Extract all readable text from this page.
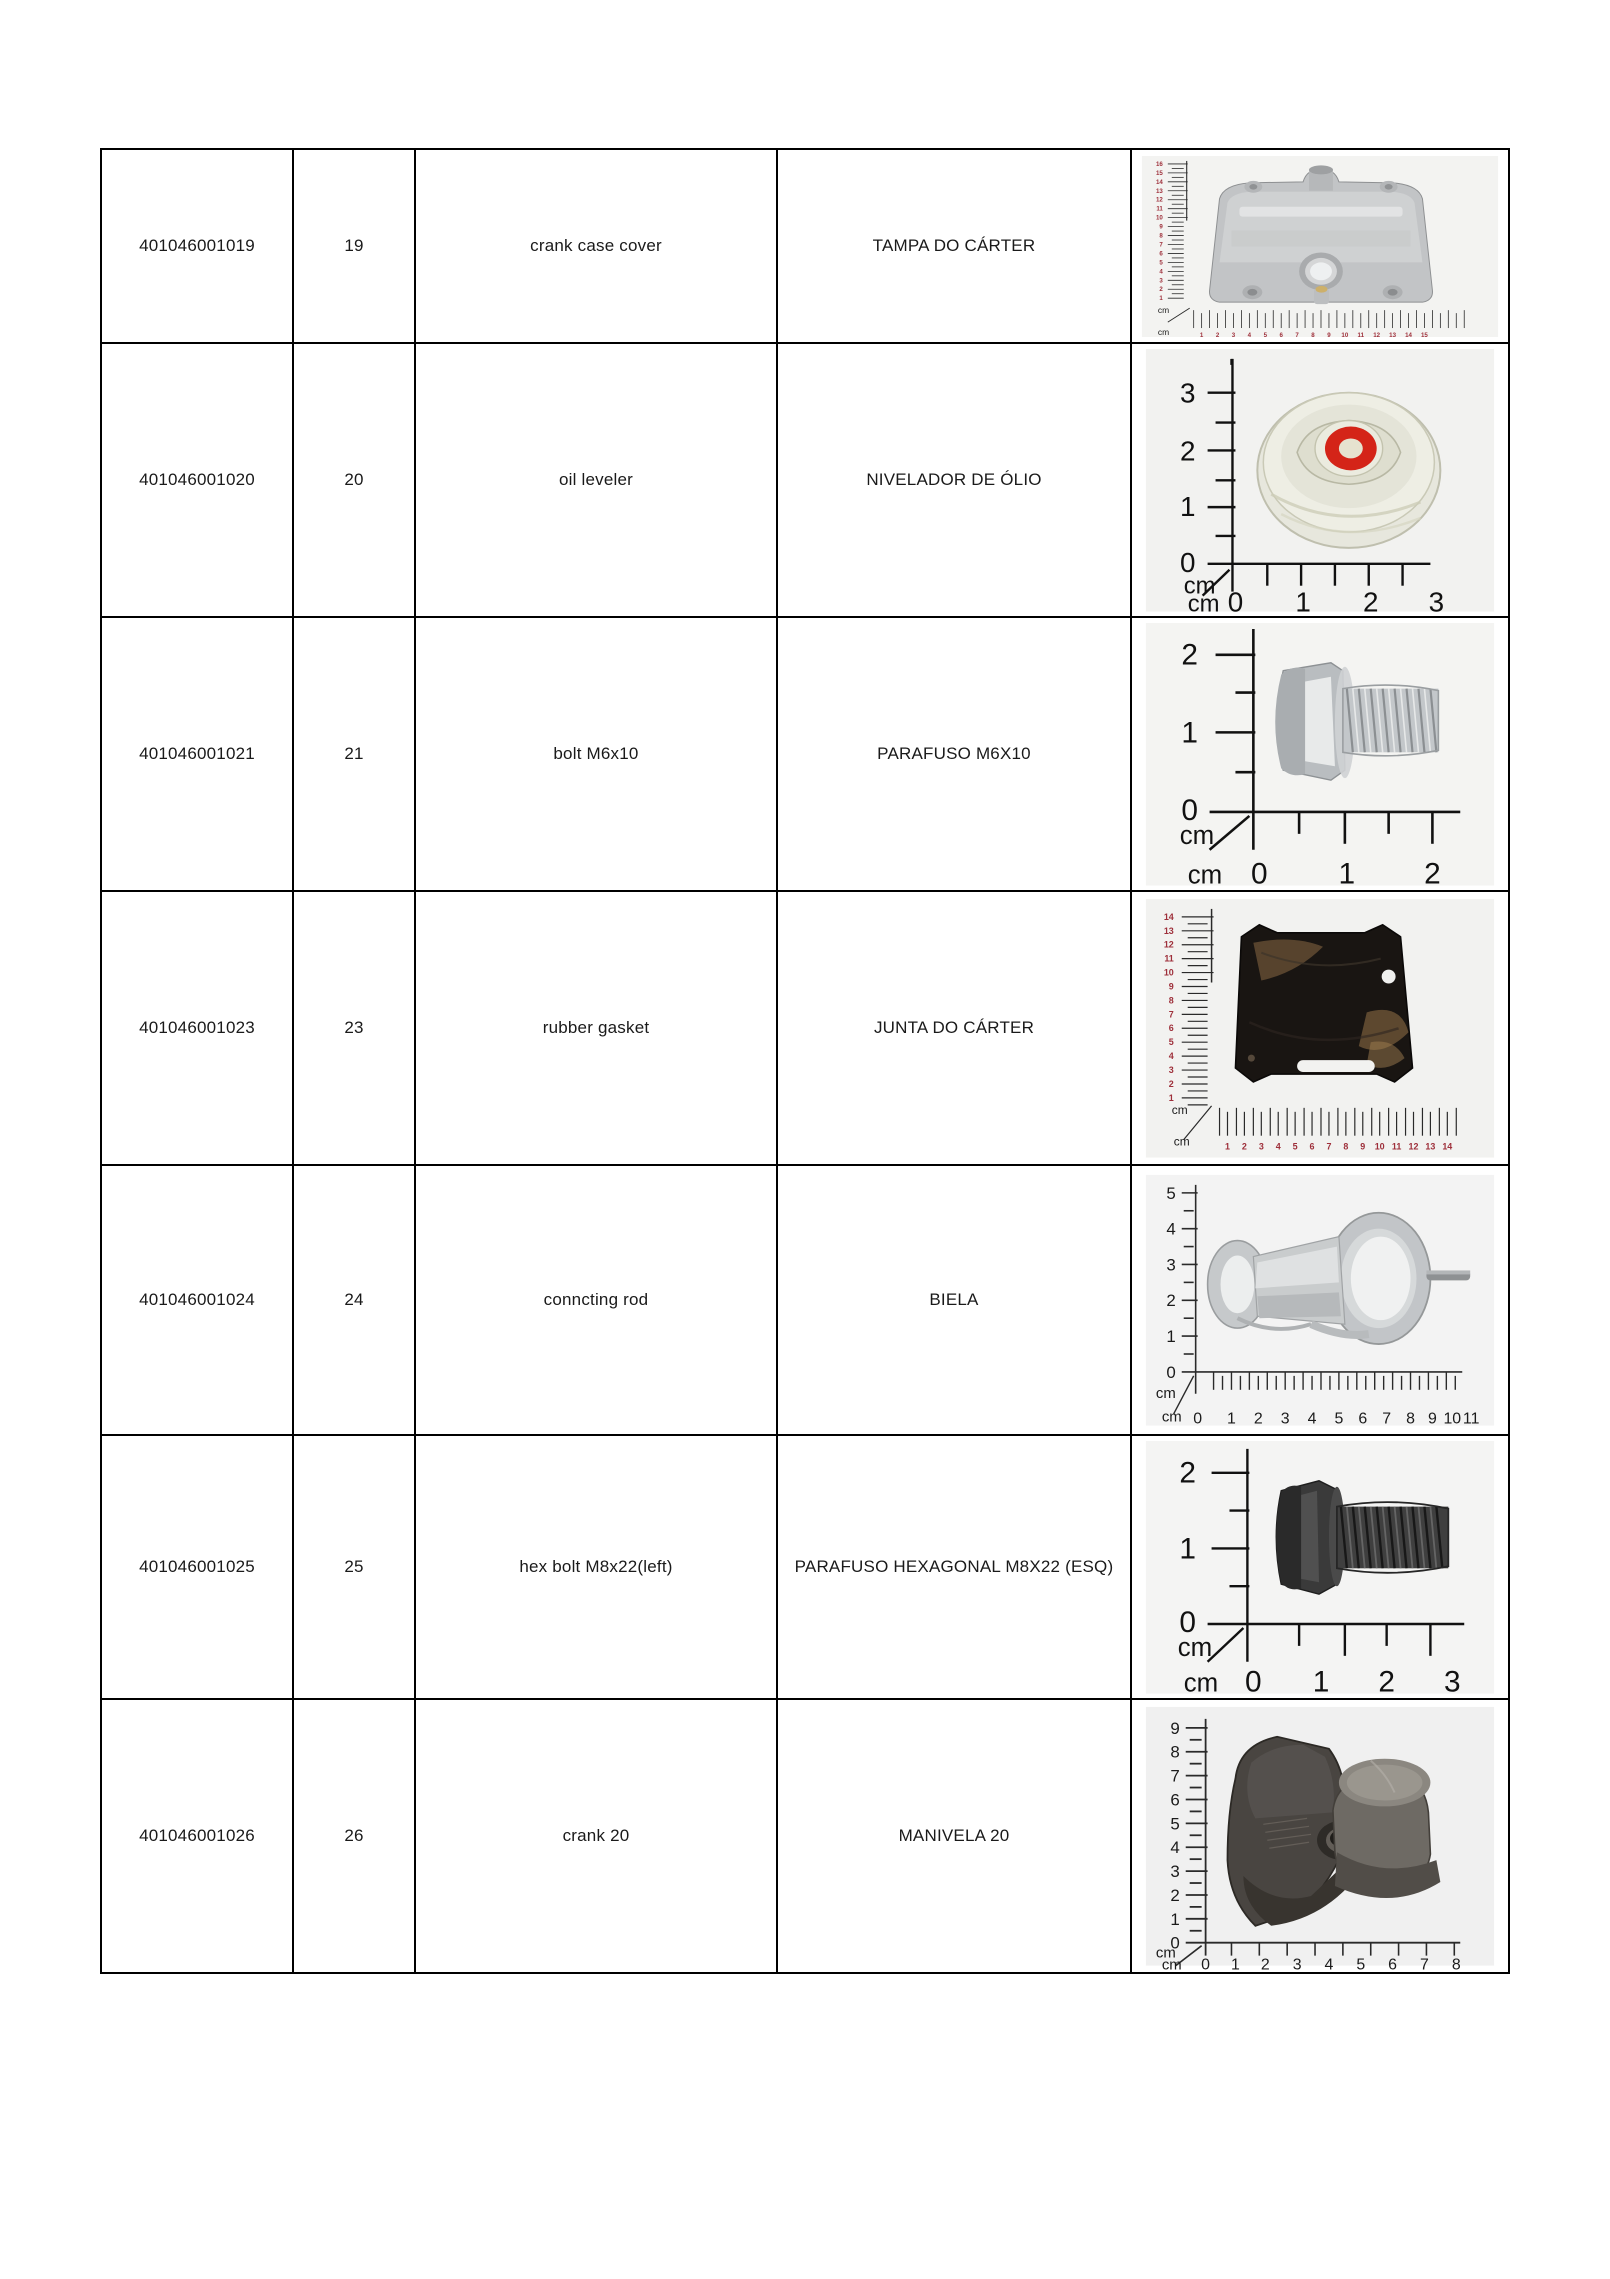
401046001019	19	crank case cover	TAMPA DO CÁRTER

16
15
14
13
12
11
10
9
8
7
6
5
4
3
2
1
cm
cm	1 2 3 4 5 6 7 8 9 10 11 12 13 14 15

401046001020	20	oil leveler	NIVELADOR DE ÓLIO

3
2
1
0
cm
cm 0 1 2 3

401046001021	21	bolt M6x10	PARAFUSO M6X10

2
1
0
cm
cm 0 1 2

401046001023	23	rubber gasket	JUNTA DO CÁRTER

14
13
12
11
10
9
8
7
6
5
4
3
2
1
cm
cm	1 2 3 4 5 6 7 8 9 10 11 12 13 14

401046001024	24	conncting rod	BIELA

5
4
3
2
1
0
cm
cm 0 1 2 3 4 5 6 7 8 9 10 11

401046001025	25	hex bolt M8x22(left)	PARAFUSO HEXAGONAL M8X22 (ESQ)

2
1
0
cm
cm 0 1 2 3

401046001026	26	crank 20	MANIVELA 20

9
8
7
6
5
4
3
2
1
0
cm
cm 0 1 2 3 4 5 6 7 8
